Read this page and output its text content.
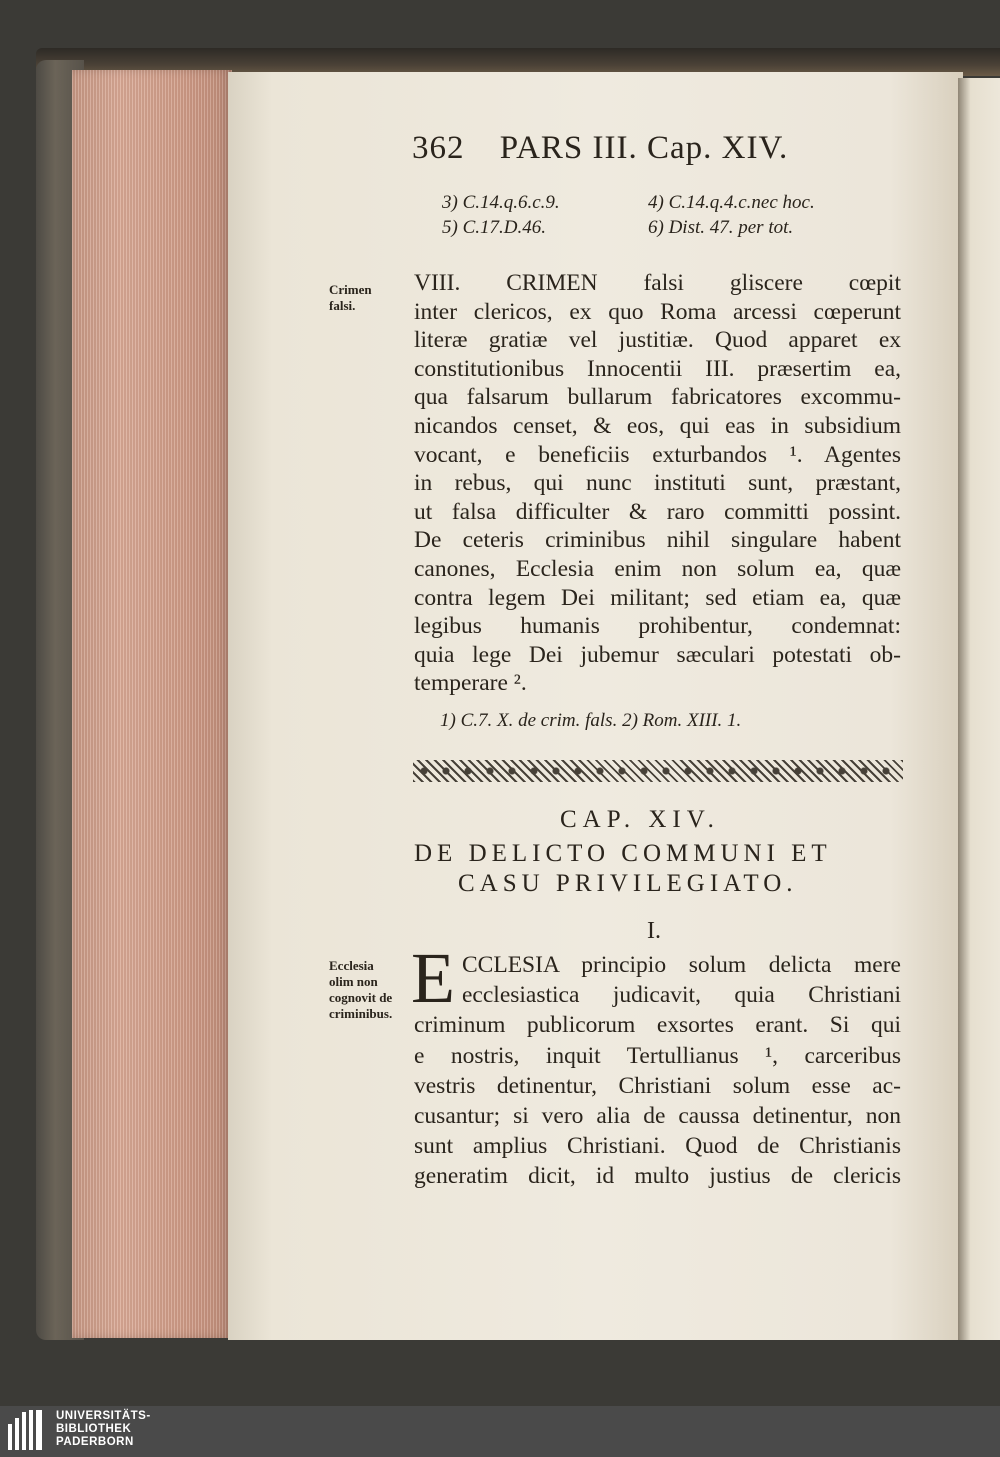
362 PARS III. Cap. XIV.
3) C.14.q.6.c.9.	4) C.14.q.4.c.nec hoc.
5) C.17.D.46.	6) Dist. 47. per tot.
Crimen falsi.
VIII. CRIMEN falsi gliscere cœpit
inter clericos, ex quo Roma arcessi cœperunt
literæ gratiæ vel justitiæ. Quod apparet ex
constitutionibus Innocentii III. præsertim ea,
qua falsarum bullarum fabricatores excommu-
nicandos censet, & eos, qui eas in subsidium
vocant, e beneficiis exturbandos ¹. Agentes
in rebus, qui nunc instituti sunt, præstant,
ut falsa difficulter & raro committi possint.
De ceteris criminibus nihil singulare habent
canones, Ecclesia enim non solum ea, quæ
contra legem Dei militant; sed etiam ea, quæ
legibus humanis prohibentur, condemnat:
quia lege Dei jubemur sæculari potestati ob-
temperare ².
1) C.7. X. de crim. fals. 2) Rom. XIII. 1.
CAP. XIV.
DE DELICTO COMMUNI ET
CASU PRIVILEGIATO.
I.
Ecclesia olim non cognovit de criminibus. E CCLESIA principio solum delicta mere
ecclesiastica judicavit, quia Christiani
criminum publicorum exsortes erant. Si qui
e nostris, inquit Tertullianus ¹, carceribus
vestris detinentur, Christiani solum esse ac-
cusantur; si vero alia de caussa detinentur, non
sunt amplius Christiani. Quod de Christianis
generatim dicit, id multo justius de clericis
UNIVERSITÄTS-
BIBLIOTHEK
PADERBORN
